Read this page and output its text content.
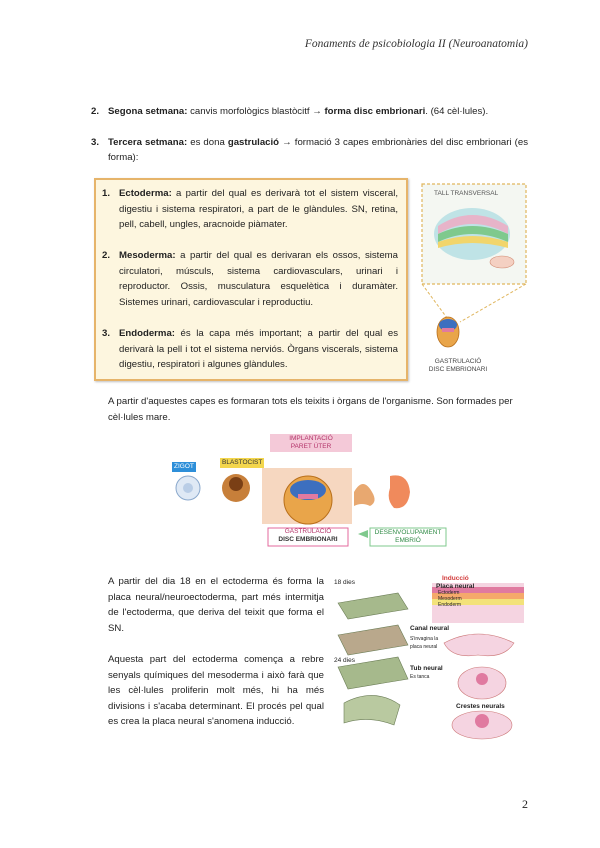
Fonaments de psicobiologia II (Neuroanatomia)
2. Segona setmana: canvis morfològics blastòcitf → forma disc embrionari. (64 cèl·lules).
3. Tercera setmana: es dona gastrulació → formació 3 capes embrionàries del disc embrionari (es forma):
1. Ectoderma: a partir del qual es derivarà tot el sistem visceral, digestiu i sistema respiratori, a part de le glàndules. SN, retina, pell, cabell, ungles, aracnoide piàmater.
2. Mesoderma: a partir del qual es derivaran els ossos, sistema circulatori, músculs, sistema cardiovasculars, urinari i reproductor. Ossis, musculatura esquelètica i duramàter. Sistemes urinari, cardiovascular i reproductiu.
3. Endoderma: és la capa més important; a partir del qual es derivarà la pell i tot el sistema nerviós. Òrgans viscerals, sistema digestiu, respiratori i algunes glàndules.
TALL TRANSVERSAL
GASTRULACIÓ
DISC EMBRIONARI
A partir d'aquestes capes es formaran tots els teixits i òrgans de l'organisme. Son formades per cèl·lules mare.
ZIGOT
BLASTOCIST
IMPLANTACIÓ
PARET ÚTER
GASTRULACIÓ
DISC EMBRIONARI
DESENVOLUPAMENT
EMBRIÓ
A partir del dia 18 en el ectoderma és forma la placa neural/neuroectoderma, part més intermitja de l'ectoderma, que deriva del teixit que forma el SN.
Aquesta part del ectoderma comença a rebre senyals químiques del mesoderma i això farà que les cèl·lules proliferin molt més, hi ha més divisions i s'acaba determinant. El procés pel qual es crea la placa neural s'anomena inducció.
18 dies
24 dies
Inducció
Placa neural
Ectoderm
Mesoderm
Endoderm
Canal neural
S'invagina la placa neural
Tub neural
Es tanca
Crestes neurals
2
